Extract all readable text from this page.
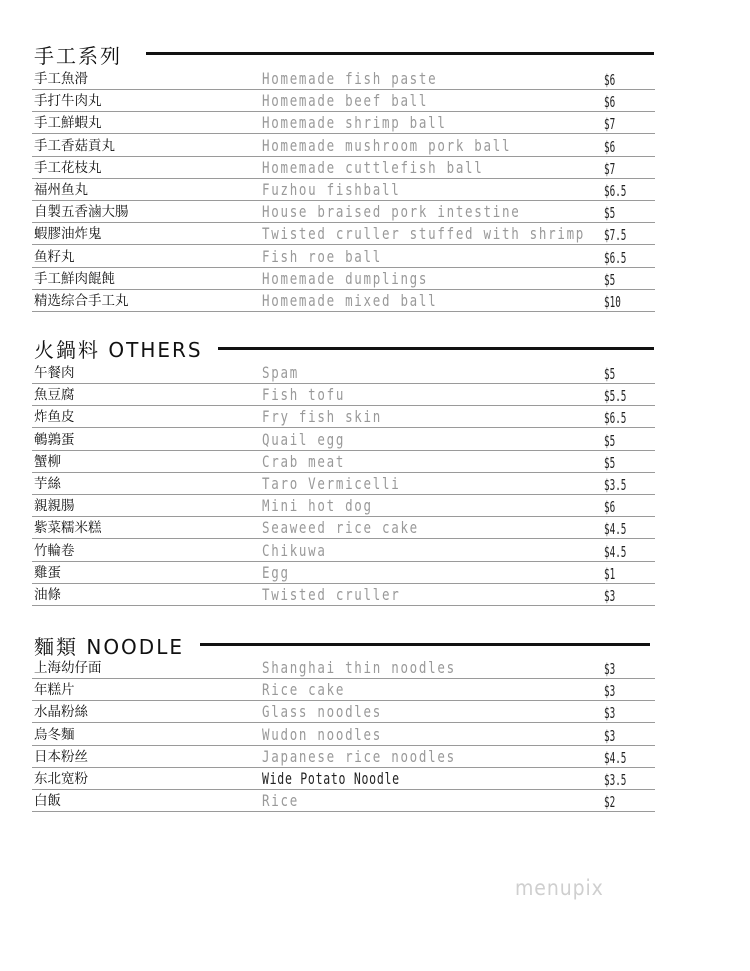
手工系列
手工魚滑	Homemade fish paste	$6
手打牛肉丸	Homemade beef ball	$6
手工鮮蝦丸	Homemade shrimp ball	$7
手工香菇貢丸	Homemade mushroom pork ball	$6
手工花枝丸	Homemade cuttlefish ball	$7
福州鱼丸	Fuzhou fishball	$6.5
自製五香滷大腸	House braised pork intestine	$5
蝦膠油炸鬼	Twisted cruller stuffed with shrimp $7.5
鱼籽丸	Fish roe ball	$6.5
手工鮮肉餛飩	Homemade dumplings	$5
精选综合手工丸	Homemade mixed ball	$10
火鍋料 OTHERS
午餐肉	Spam	$5
魚豆腐	Fish tofu	$5.5
炸鱼皮	Fry fish skin	$6.5
鵪鶉蛋	Quail egg	$5
蟹柳	Crab meat	$5
芋絲	Taro Vermicelli	$3.5
親親腸	Mini hot dog	$6
紫菜糯米糕	Seaweed rice cake	$4.5
竹輪卷	Chikuwa	$4.5
雞蛋	Egg	$1
油條	Twisted cruller	$3
麵類 NOODLE
上海幼仔面	Shanghai thin noodles	$3
年糕片	Rice cake	$3
水晶粉絲	Glass noodles	$3
烏冬麵	Wudon noodles	$3
日本粉丝	Japanese rice noodles	$4.5
东北宽粉	Wide Potato Noodle	$3.5
白飯	Rice	$2
menupix
